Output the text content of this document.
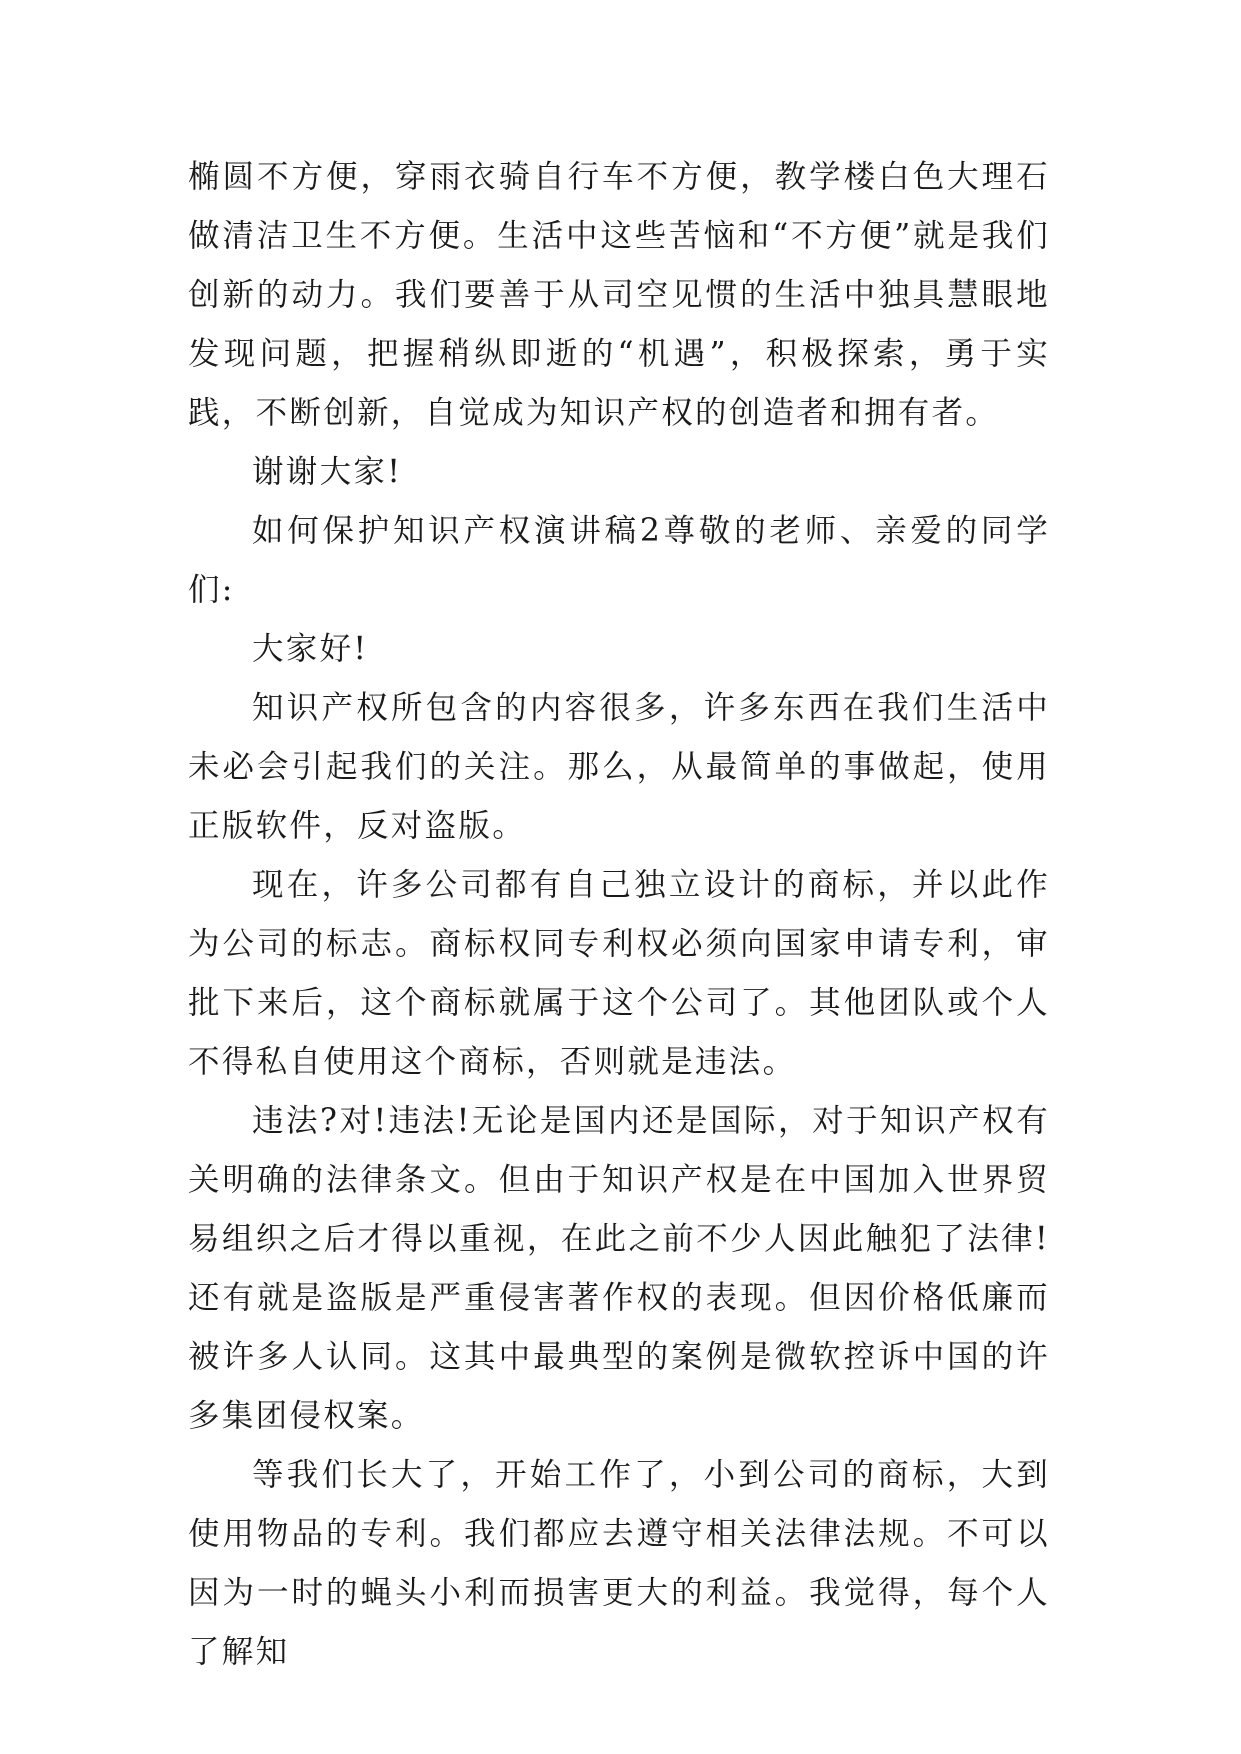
椭圆不方便，穿雨衣骑自行车不方便，教学楼白色大理石做清洁卫生不方便。生活中这些苦恼和“不方便”就是我们创新的动力。我们要善于从司空见惯的生活中独具慧眼地发现问题，把握稍纵即逝的“机遇”，积极探索，勇于实践，不断创新，自觉成为知识产权的创造者和拥有者。

谢谢大家!

如何保护知识产权演讲稿2尊敬的老师、亲爱的同学们:

大家好!

知识产权所包含的内容很多，许多东西在我们生活中未必会引起我们的关注。那么，从最简单的事做起，使用正版软件，反对盗版。

现在，许多公司都有自己独立设计的商标，并以此作为公司的标志。商标权同专利权必须向国家申请专利，审批下来后，这个商标就属于这个公司了。其他团队或个人不得私自使用这个商标，否则就是违法。

违法?对!违法!无论是国内还是国际，对于知识产权有关明确的法律条文。但由于知识产权是在中国加入世界贸易组织之后才得以重视，在此之前不少人因此触犯了法律!还有就是盗版是严重侵害著作权的表现。但因价格低廉而被许多人认同。这其中最典型的案例是微软控诉中国的许多集团侵权案。

等我们长大了，开始工作了，小到公司的商标，大到使用物品的专利。我们都应去遵守相关法律法规。不可以因为一时的蝇头小利而损害更大的利益。我觉得，每个人了解知
